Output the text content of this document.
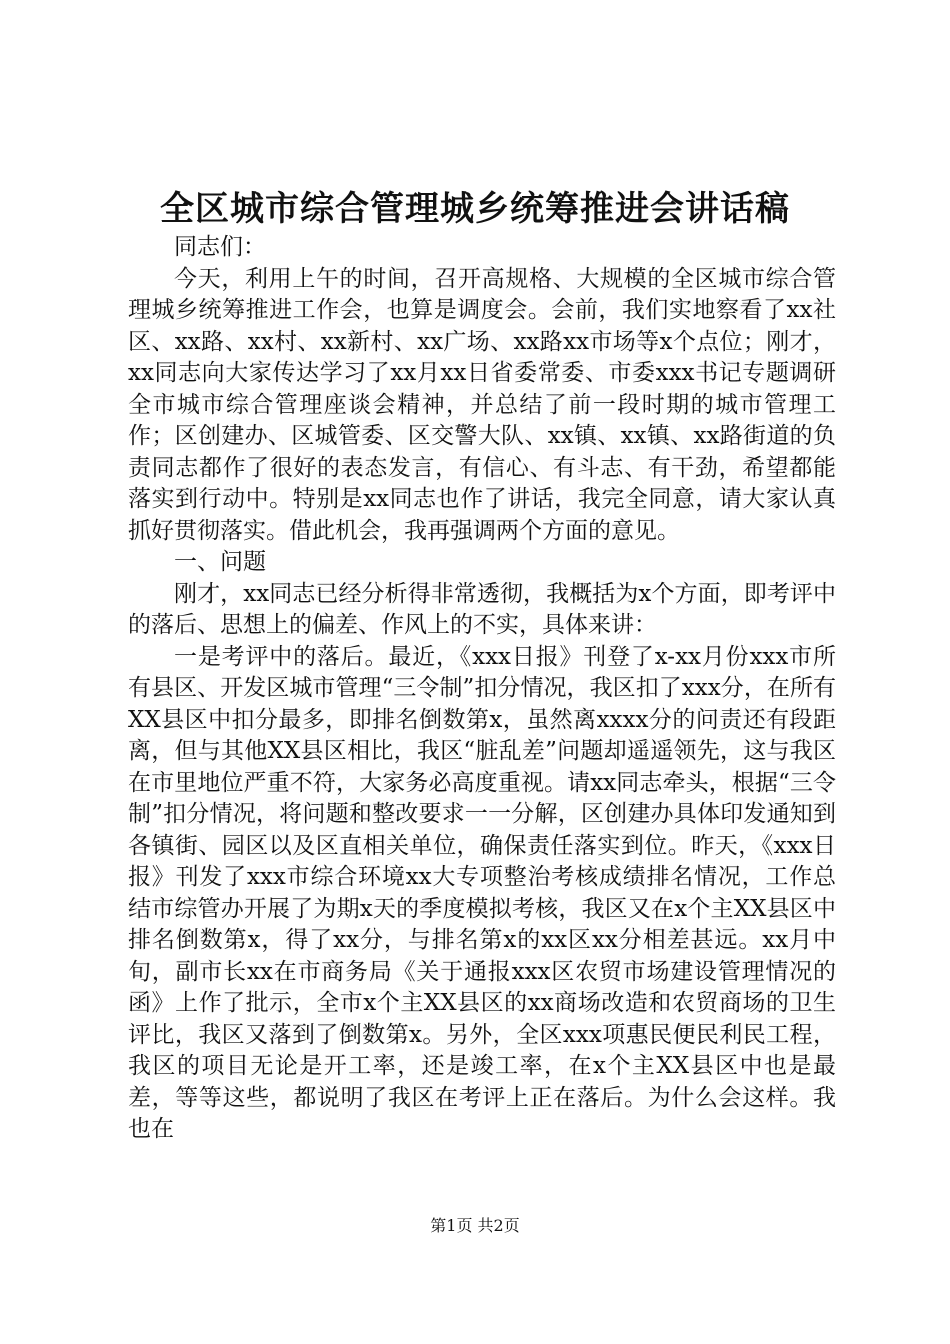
全区城市综合管理城乡统筹推进会讲话稿

同志们：

今天，利用上午的时间，召开高规格、大规模的全区城市综合管理城乡统筹推进工作会，也算是调度会。会前，我们实地察看了xx社区、xx路、xx村、xx新村、xx广场、xx路xx市场等x个点位；刚才，xx同志向大家传达学习了xx月xx日省委常委、市委xxx书记专题调研全市城市综合管理座谈会精神，并总结了前一段时期的城市管理工作；区创建办、区城管委、区交警大队、xx镇、xx镇、xx路街道的负责同志都作了很好的表态发言，有信心、有斗志、有干劲，希望都能落实到行动中。特别是xx同志也作了讲话，我完全同意，请大家认真抓好贯彻落实。借此机会，我再强调两个方面的意见。

一、问题

刚才，xx同志已经分析得非常透彻，我概括为x个方面，即考评中的落后、思想上的偏差、作风上的不实，具体来讲：

一是考评中的落后。最近，《xxx日报》刊登了x-xx月份xxx市所有县区、开发区城市管理“三令制”扣分情况，我区扣了xxx分，在所有XX县区中扣分最多，即排名倒数第x，虽然离xxxx分的问责还有段距离，但与其他XX县区相比，我区“脏乱差”问题却遥遥领先，这与我区在市里地位严重不符，大家务必高度重视。请xx同志牵头，根据“三令制”扣分情况，将问题和整改要求一一分解，区创建办具体印发通知到各镇街、园区以及区直相关单位，确保责任落实到位。昨天，《xxx日报》刊发了xxx市综合环境xx大专项整治考核成绩排名情况，工作总结市综管办开展了为期x天的季度模拟考核，我区又在x个主XX县区中排名倒数第x，得了xx分，与排名第x的xx区xx分相差甚远。xx月中旬，副市长xx在市商务局《关于通报xxx区农贸市场建设管理情况的函》上作了批示，全市x个主XX县区的xx商场改造和农贸商场的卫生评比，我区又落到了倒数第x。另外，全区xxx项惠民便民利民工程，我区的项目无论是开工率，还是竣工率，在x个主XX县区中也是最差，等等这些，都说明了我区在考评上正在落后。为什么会这样。我也在

第1页 共2页
